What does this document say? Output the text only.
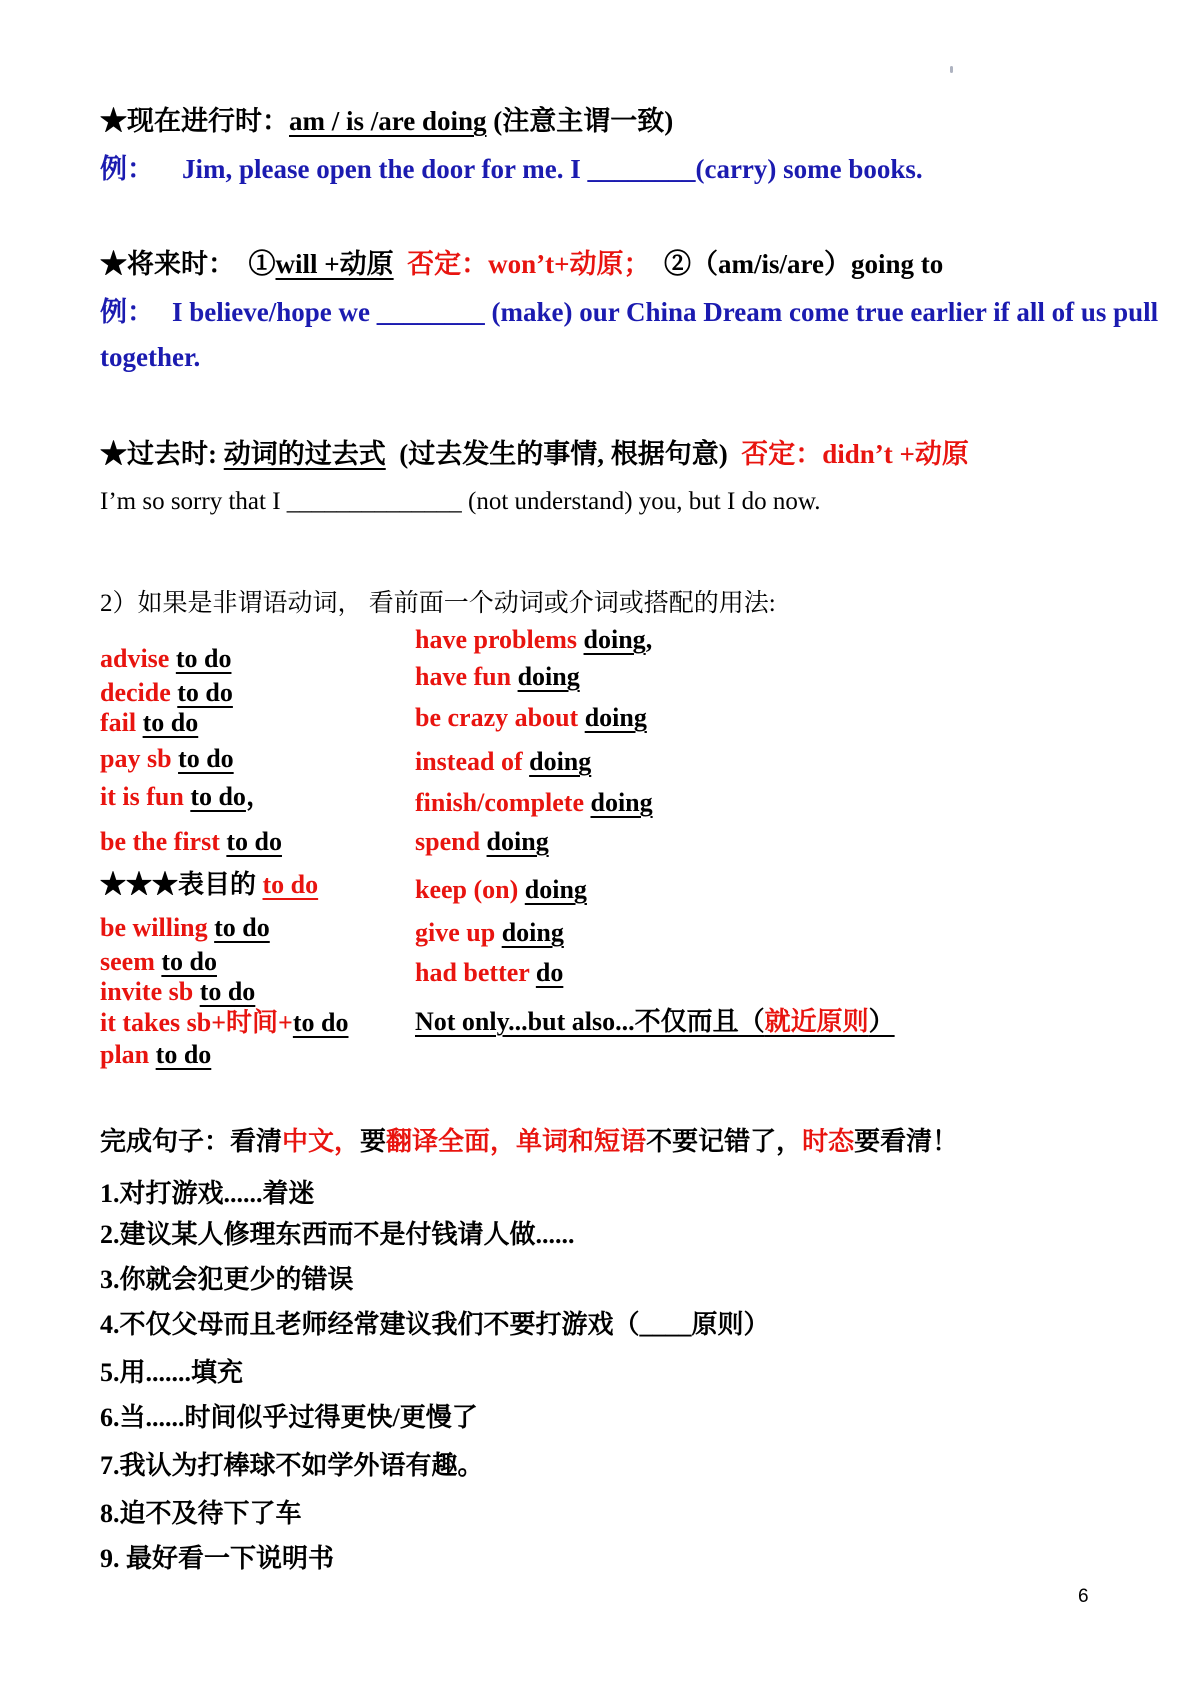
★现在进行时：am / is /are doing (注意主谓一致)
例： Jim, please open the door for me. I ________(carry) some books.
★将来时：  ①will +动原  否定：won’t+动原；  ②（am/is/are）going to
例： I believe/hope we ________ (make) our China Dream come true earlier if all of us pull
together.
★过去时: 动词的过去式  (过去发生的事情, 根据句意)  否定：didn’t +动原
I’m so sorry that I ______________ (not understand) you, but I do now.
2）如果是非谓语动词， 看前面一个动词或介词或搭配的用法:
advise to do
decide to do
fail to do
pay sb to do
it is fun to do，
be the first to do
★★★表目的 to do
be willing to do
seem to do
invite sb to do
it takes sb+时间+to do
plan to do
have problems doing,
have fun doing
be crazy about doing
instead of doing
finish/complete doing
spend doing
keep (on) doing
give up doing
had better do
Not only...but also...不仅而且（就近原则）
完成句子：看清中文，要翻译全面，单词和短语不要记错了，时态要看清！
1.对打游戏......着迷
2.建议某人修理东西而不是付钱请人做......
3.你就会犯更少的错误
4.不仅父母而且老师经常建议我们不要打游戏（____原则）
5.用.......填充
6.当......时间似乎过得更快/更慢了
7.我认为打棒球不如学外语有趣。
8.迫不及待下了车
9. 最好看一下说明书
6
